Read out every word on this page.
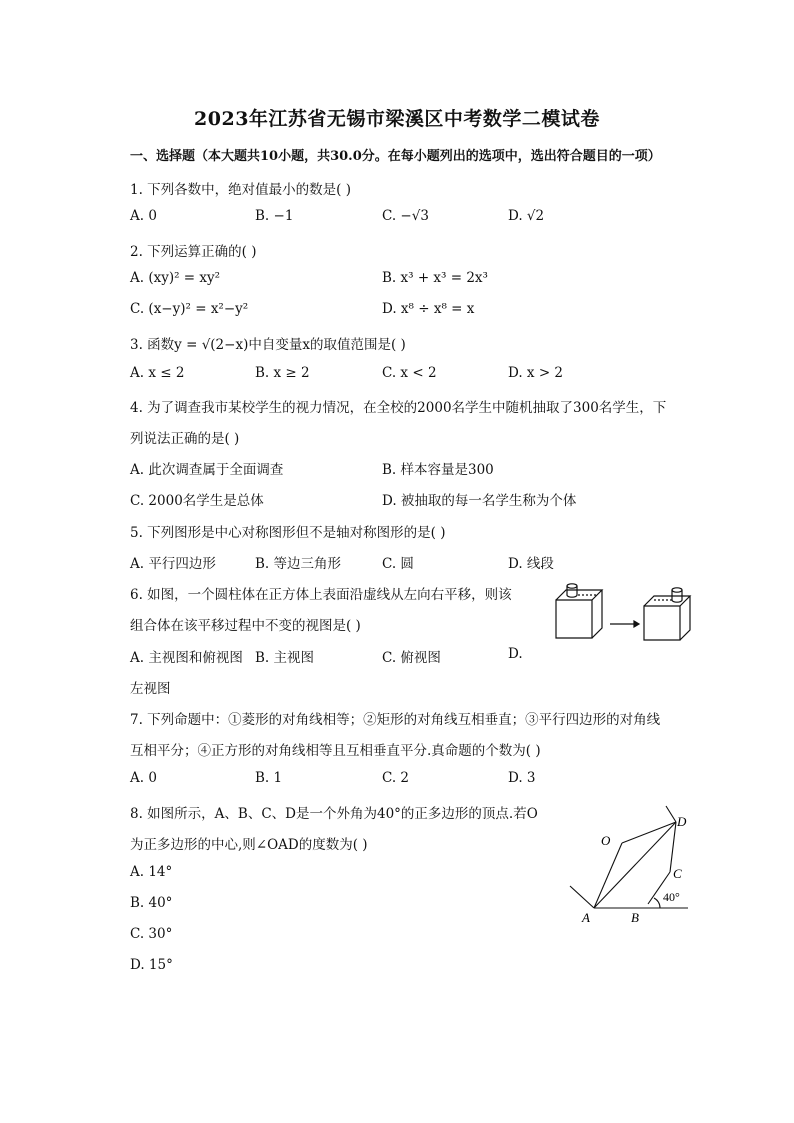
2023年江苏省无锡市梁溪区中考数学二模试卷
一、选择题（本大题共10小题，共30.0分。在每小题列出的选项中，选出符合题目的一项）
1. 下列各数中，绝对值最小的数是( )
A. 0	B. −1	C. −√3	D. √2
2. 下列运算正确的( )
A. (xy)² = xy²	B. x³ + x³ = 2x³
C. (x−y)² = x²−y²	D. x⁸ ÷ x⁸ = x
3. 函数y = √(2−x)中自变量x的取值范围是( )
A. x ≤ 2	B. x ≥ 2	C. x < 2	D. x > 2
4. 为了调查我市某校学生的视力情况，在全校的2000名学生中随机抽取了300名学生，下
列说法正确的是( )
A. 此次调查属于全面调查	B. 样本容量是300
C. 2000名学生是总体	D. 被抽取的每一名学生称为个体
5. 下列图形是中心对称图形但不是轴对称图形的是( )
A. 平行四边形	B. 等边三角形	C. 圆	D. 线段
6. 如图，一个圆柱体在正方体上表面沿虚线从左向右平移，则该
组合体在该平移过程中不变的视图是( )
A. 主视图和俯视图 B. 主视图	C. 俯视图	D.
左视图
7. 下列命题中：①菱形的对角线相等；②矩形的对角线互相垂直；③平行四边形的对角线
互相平分；④正方形的对角线相等且互相垂直平分.真命题的个数为( )
A. 0	B. 1	C. 2	D. 3
8. 如图所示，A、B、C、D是一个外角为40°的正多边形的顶点.若O
为正多边形的中心,则∠OAD的度数为( )
A. 14°
B. 40°
C. 30°
D. 15°
O
D
C
A	B
40°
